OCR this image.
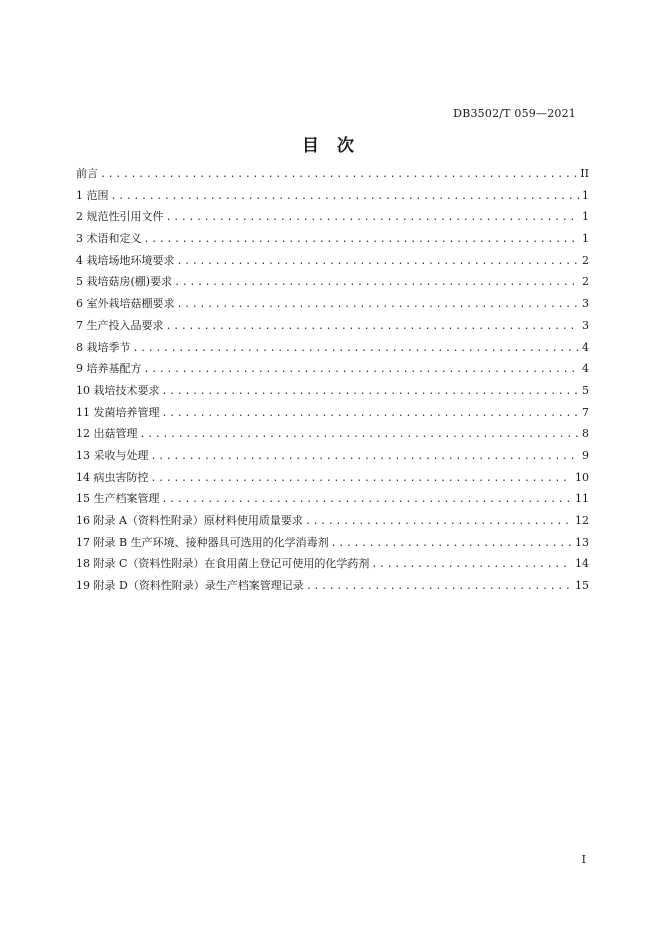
DB3502/T 059—2021
目 次
前言 .....	II
1 范围 .....	1
2 规范性引用文件 .....	1
3 术语和定义 .....	1
4 栽培场地环境要求 .....	2
5 栽培菇房(棚)要求 .....	2
6 室外栽培菇棚要求 .....	3
7 生产投入品要求 .....	3
8 栽培季节 .....	4
9 培养基配方 .....	4
10 栽培技术要求 .....	5
11 发菌培养管理 .....	7
12 出菇管理 .....	8
13 采收与处理 .....	9
14 病虫害防控 .....	10
15 生产档案管理 .....	11
16 附录 A（资料性附录）原材料使用质量要求 .....	12
17 附录 B 生产环境、接种器具可选用的化学消毒剂 .....	13
18 附录 C（资料性附录）在食用菌上登记可使用的化学药剂 .....	14
19 附录 D（资料性附录）录生产档案管理记录 .....	15
I
